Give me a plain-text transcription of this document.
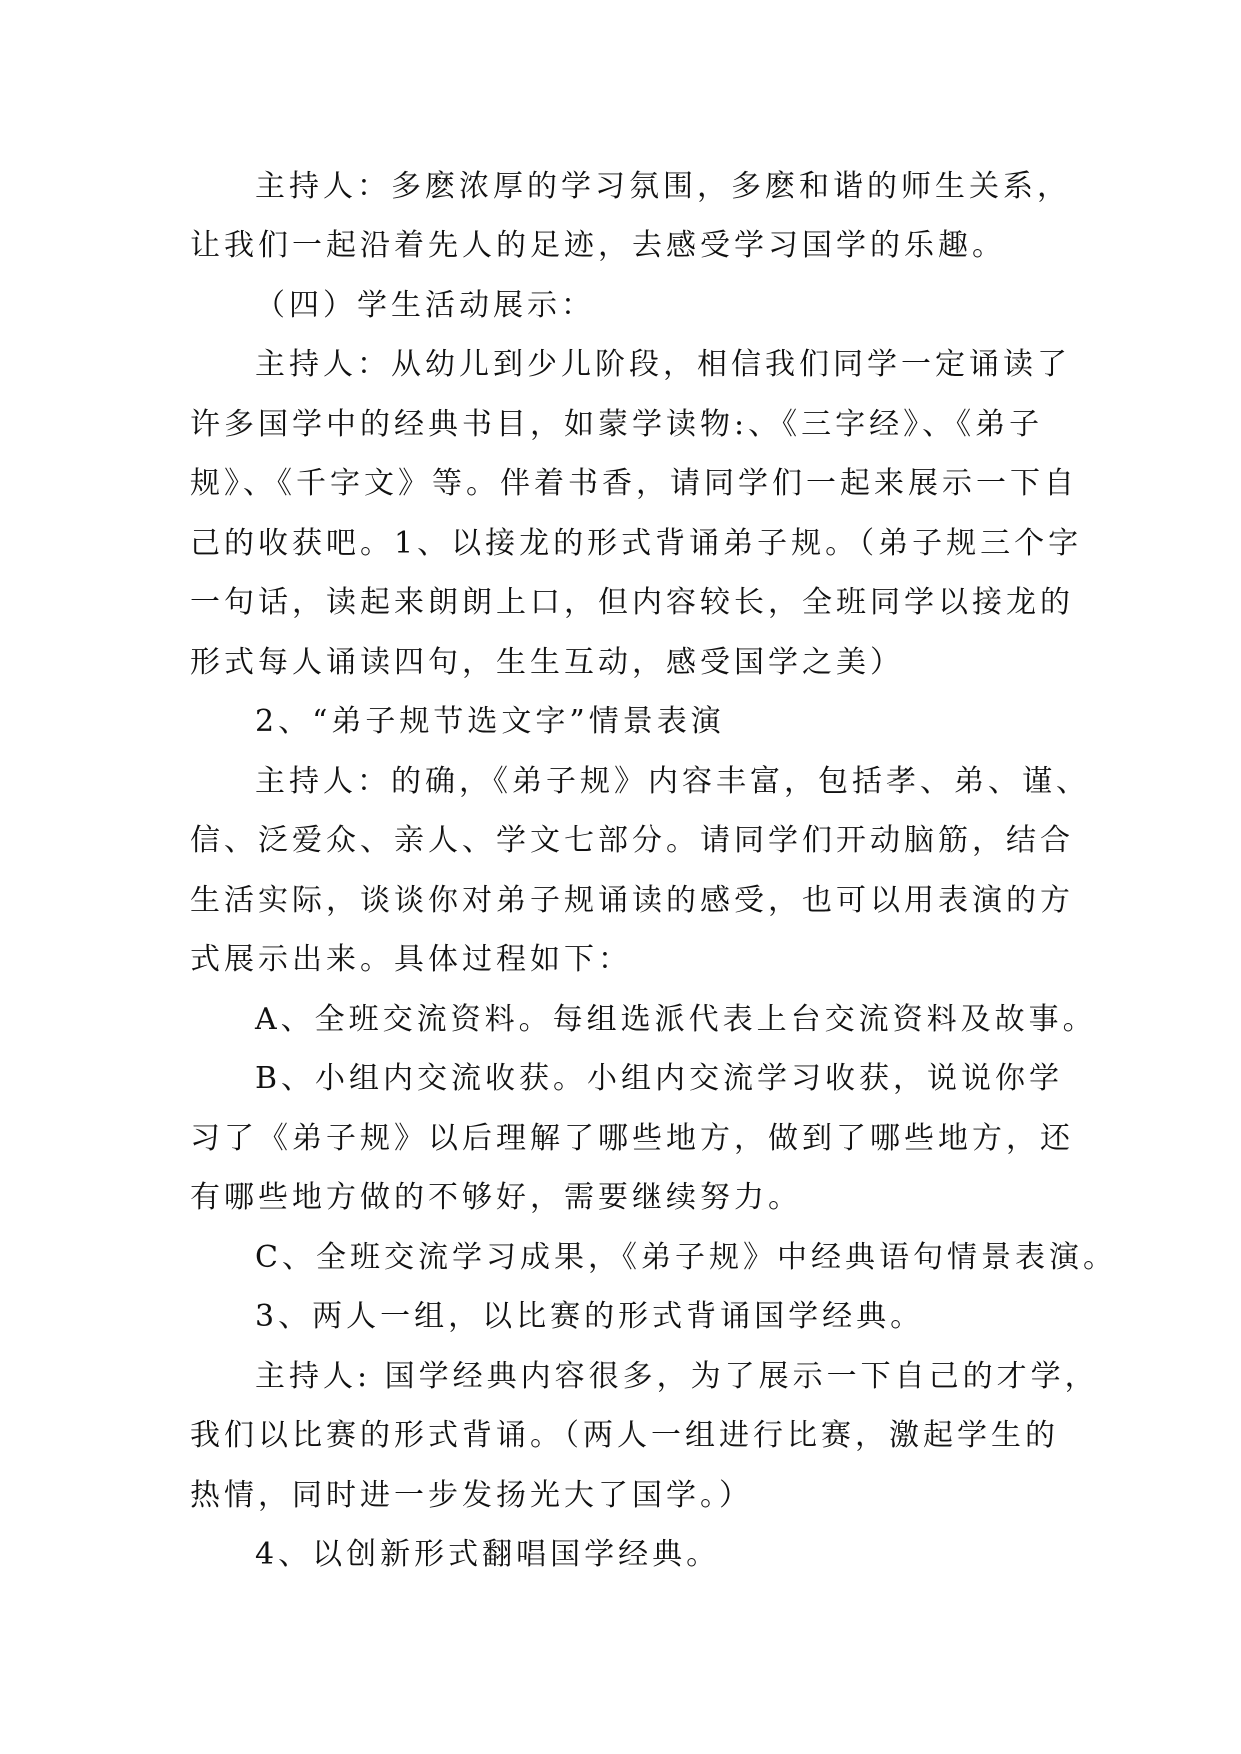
主持人：多麽浓厚的学习氛围，多麽和谐的师生关系，
让我们一起沿着先人的足迹，去感受学习国学的乐趣。
（四）学生活动展示：
主持人：从幼儿到少儿阶段，相信我们同学一定诵读了
许多国学中的经典书目，如蒙学读物:、《三字经》、《弟子
规》、《千字文》等。伴着书香，请同学们一起来展示一下自
己的收获吧。1、以接龙的形式背诵弟子规。（弟子规三个字
一句话，读起来朗朗上口，但内容较长，全班同学以接龙的
形式每人诵读四句，生生互动，感受国学之美）
2、“弟子规节选文字”情景表演
主持人：的确，《弟子规》内容丰富，包括孝、弟、谨、
信、泛爱众、亲人、学文七部分。请同学们开动脑筋，结合
生活实际，谈谈你对弟子规诵读的感受，也可以用表演的方
式展示出来。具体过程如下：
A、全班交流资料。每组选派代表上台交流资料及故事。
B、小组内交流收获。小组内交流学习收获，说说你学
习了《弟子规》以后理解了哪些地方，做到了哪些地方，还
有哪些地方做的不够好，需要继续努力。
C、全班交流学习成果，《弟子规》中经典语句情景表演。
3、两人一组，以比赛的形式背诵国学经典。
主持人: 国学经典内容很多，为了展示一下自己的才学，
我们以比赛的形式背诵。（两人一组进行比赛，激起学生的
热情，同时进一步发扬光大了国学。）
4、以创新形式翻唱国学经典。
